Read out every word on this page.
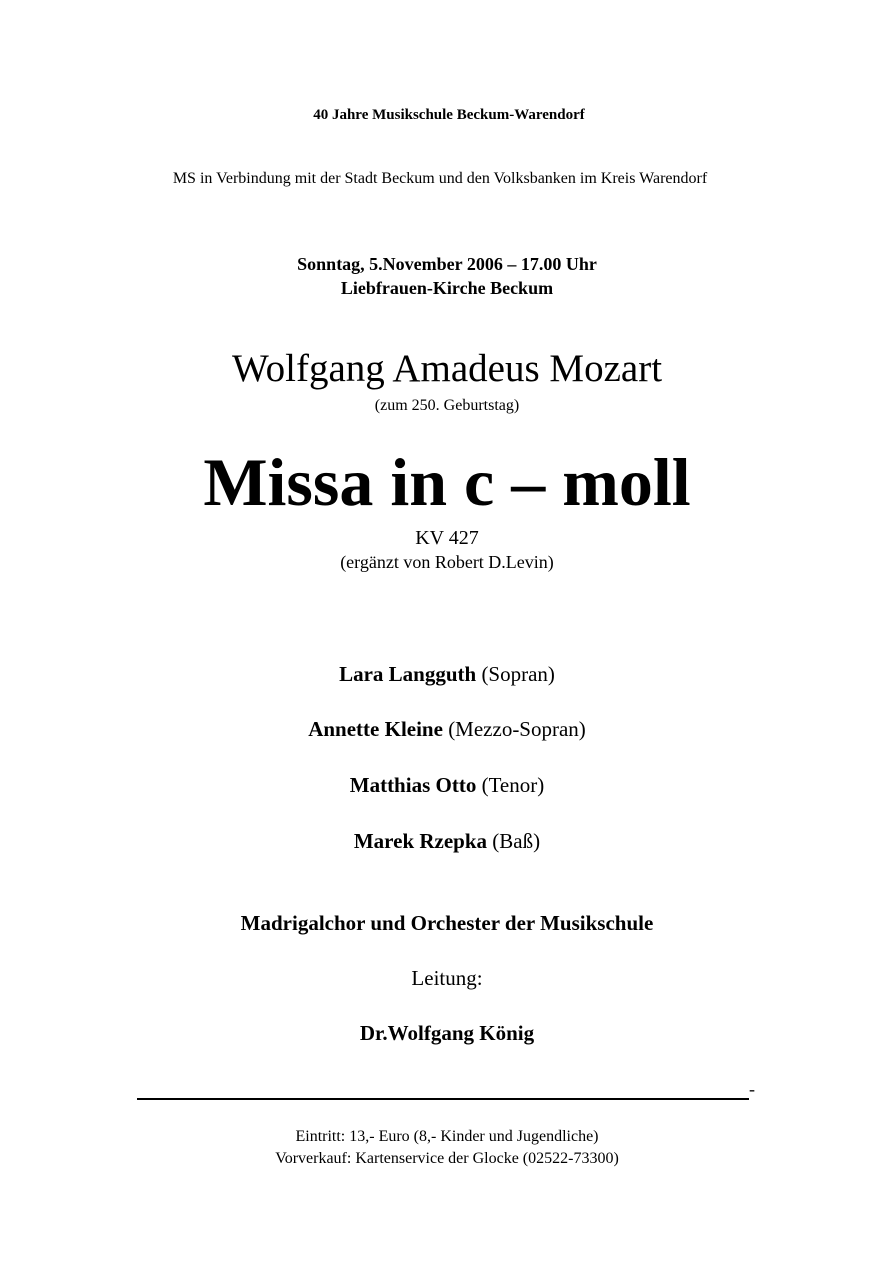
40 Jahre Musikschule Beckum-Warendorf
MS in Verbindung mit der Stadt Beckum und den Volksbanken im Kreis Warendorf
Sonntag, 5.November 2006 – 17.00 Uhr
Liebfrauen-Kirche Beckum
Wolfgang Amadeus Mozart
(zum 250. Geburtstag)
Missa in c – moll
KV 427
(ergänzt von Robert D.Levin)
Lara Langguth (Sopran)
Annette Kleine (Mezzo-Sopran)
Matthias Otto (Tenor)
Marek Rzepka (Baß)
Madrigalchor und Orchester der Musikschule
Leitung:
Dr.Wolfgang König
-
Eintritt: 13,- Euro (8,- Kinder und Jugendliche)
Vorverkauf: Kartenservice der Glocke (02522-73300)
